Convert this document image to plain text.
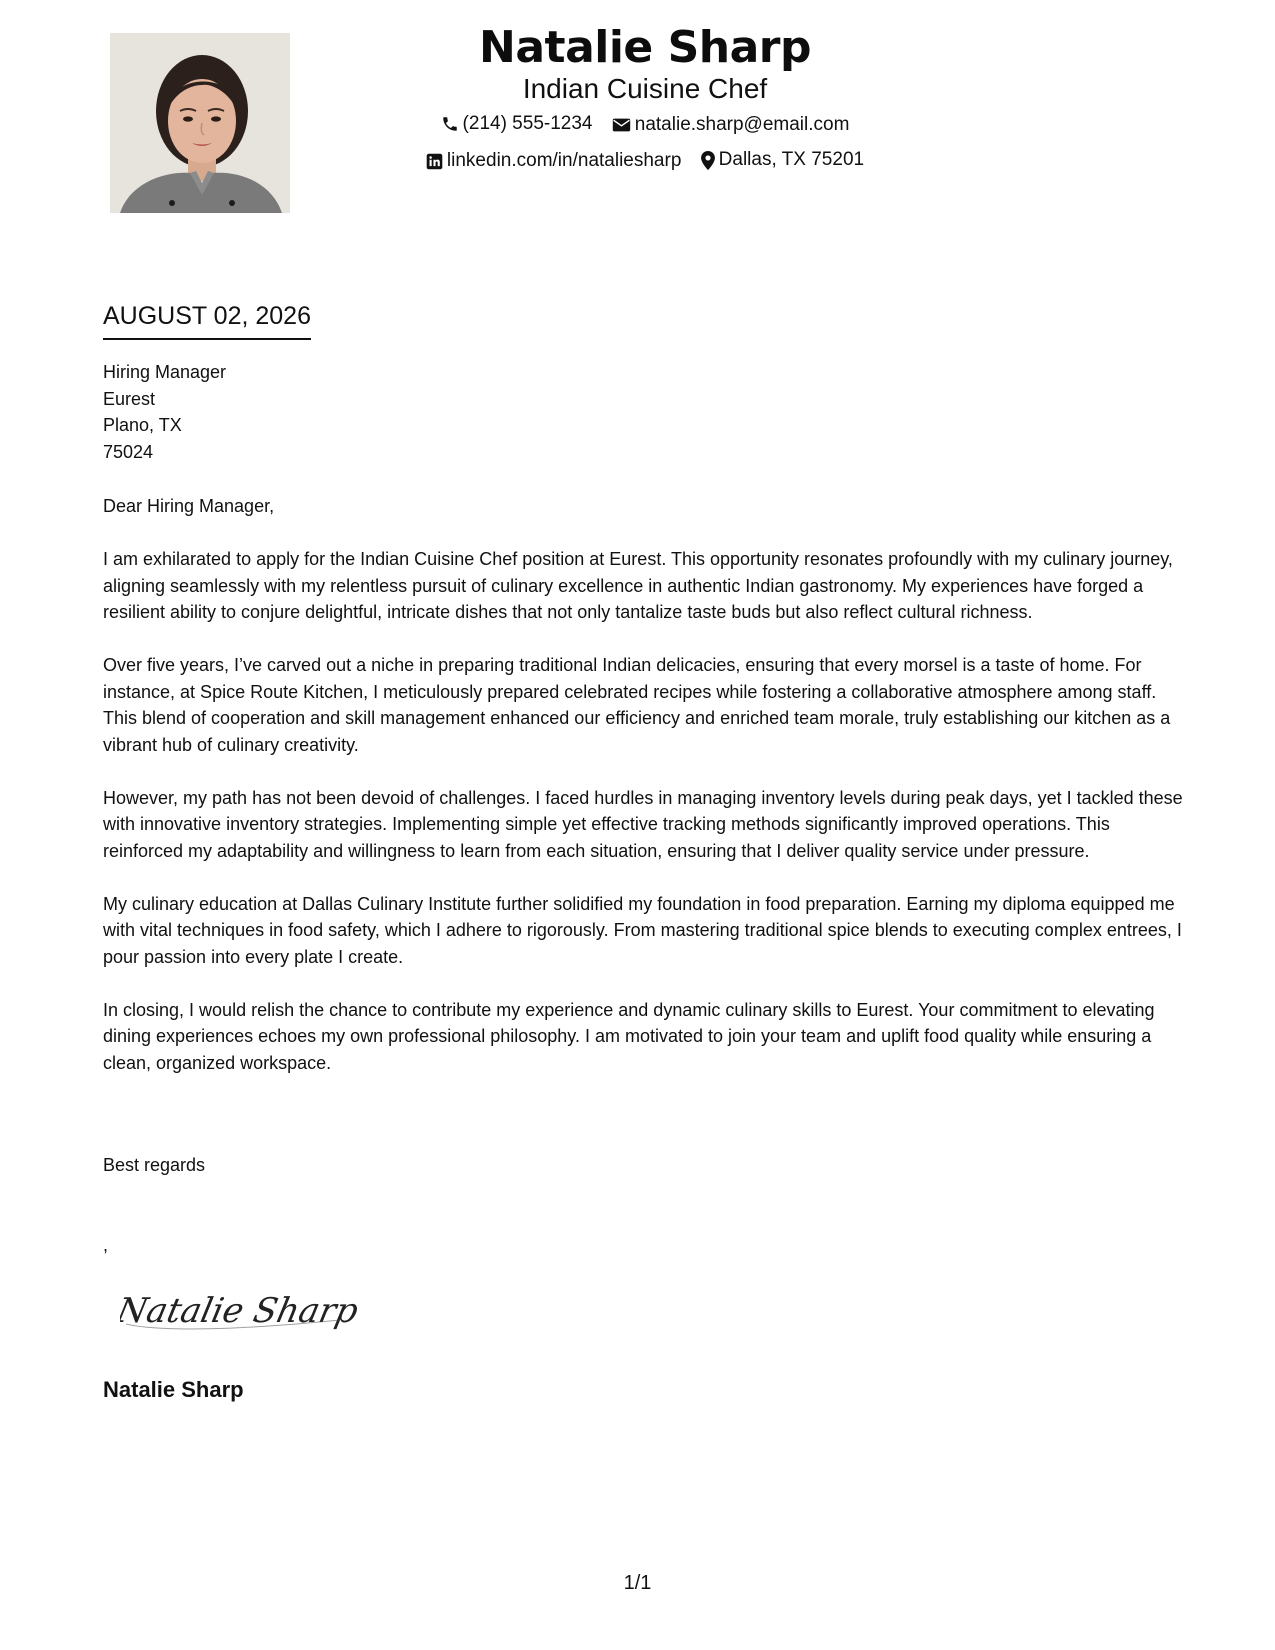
Natalie Sharp
Indian Cuisine Chef
(214) 555-1234
natalie.sharp@email.com
linkedin.com/in/nataliesharp
Dallas, TX 75201
AUGUST 02, 2026
Hiring Manager
Eurest
Plano, TX
75024

Dear Hiring Manager,

I am exhilarated to apply for the Indian Cuisine Chef position at Eurest. This opportunity resonates profoundly with my culinary journey, aligning seamlessly with my relentless pursuit of culinary excellence in authentic Indian gastronomy. My experiences have forged a resilient ability to conjure delightful, intricate dishes that not only tantalize taste buds but also reflect cultural richness.

Over five years, I’ve carved out a niche in preparing traditional Indian delicacies, ensuring that every morsel is a taste of home. For instance, at Spice Route Kitchen, I meticulously prepared celebrated recipes while fostering a collaborative atmosphere among staff. This blend of cooperation and skill management enhanced our efficiency and enriched team morale, truly establishing our kitchen as a vibrant hub of culinary creativity.

However, my path has not been devoid of challenges. I faced hurdles in managing inventory levels during peak days, yet I tackled these with innovative inventory strategies. Implementing simple yet effective tracking methods significantly improved operations. This reinforced my adaptability and willingness to learn from each situation, ensuring that I deliver quality service under pressure.

My culinary education at Dallas Culinary Institute further solidified my foundation in food preparation. Earning my diploma equipped me with vital techniques in food safety, which I adhere to rigorously. From mastering traditional spice blends to executing complex entrees, I pour passion into every plate I create.

In closing, I would relish the chance to contribute my experience and dynamic culinary skills to Eurest. Your commitment to elevating dining experiences echoes my own professional philosophy. I am motivated to join your team and uplift food quality while ensuring a clean, organized workspace.

Best regards
,
Natalie Sharp
Natalie Sharp
1/1
